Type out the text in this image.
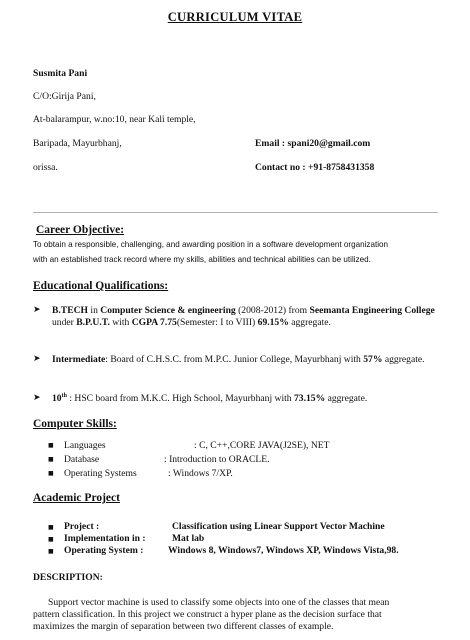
CURRICULUM VITAE
Susmita Pani
C/O:Girija Pani,
At-balarampur, w.no:10, near Kali temple,
Baripada, Mayurbhanj,
orissa.
Email : spani20@gmail.com
Contact no : +91-8758431358
Career Objective:
To obtain a responsible, challenging, and awarding position in a software development organization
with an established track record where my skills, abilities and technical abilities can be utilized.
Educational Qualifications:
➤ B.TECH in Computer Science & engineering (2008-2012) from Seemanta Engineering College under B.P.U.T. with CGPA 7.75(Semester: I to VIII) 69.15% aggregate.
➤ Intermediate: Board of C.H.S.C. from M.P.C. Junior College, Mayurbhanj with 57% aggregate.
➤ 10th : HSC board from M.K.C. High School, Mayurbhanj with 73.15% aggregate.
Computer Skills:
■ Languages	: C, C++,CORE JAVA(J2SE), NET
■ Database	: Introduction to ORACLE.
■ Operating Systems	: Windows 7/XP.
Academic Project
■ Project :	Classification using Linear Support Vector Machine
■ Implementation in :	Mat lab
■ Operating System :	Windows 8, Windows7, Windows XP, Windows Vista,98.
DESCRIPTION:
Support vector machine is used to classify some objects into one of the classes that mean
pattern classification. In this project we construct a hyper plane as the decision surface that
maximizes the margin of separation between two different classes of example.
